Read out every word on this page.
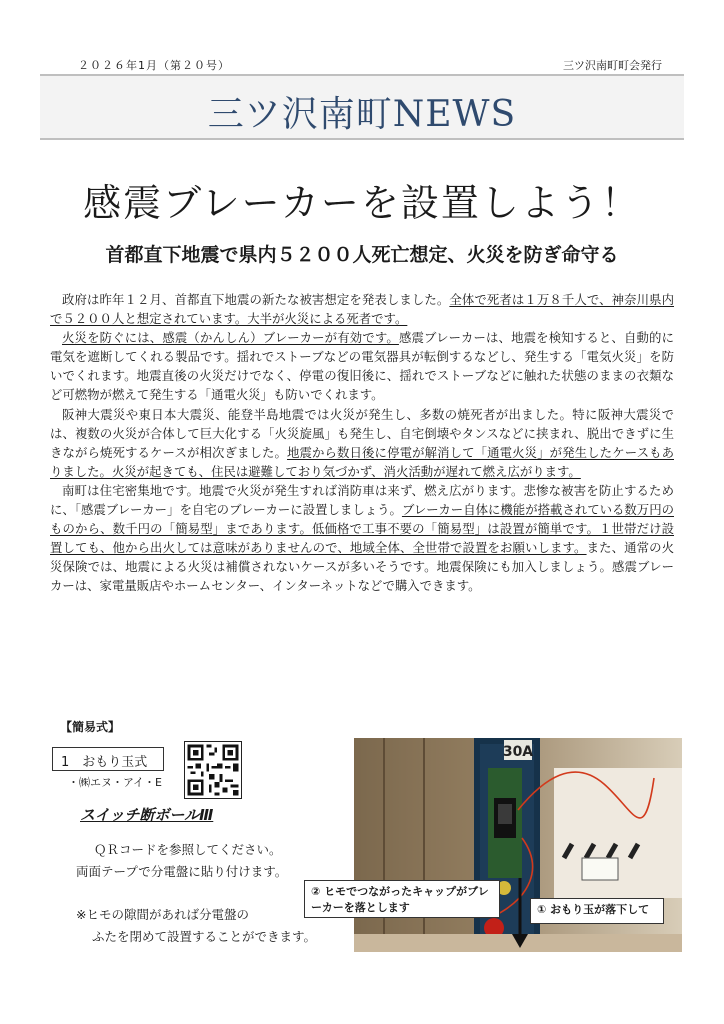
２０２６年1月（第２０号）	三ツ沢南町町会発行
三ツ沢南町NEWS
感震ブレーカーを設置しよう！
首都直下地震で県内５２００人死亡想定、火災を防ぎ命守る

政府は昨年１２月、首都直下地震の新たな被害想定を発表しました。全体で死者は１万８千人で、神奈川県内で５２００人と想定されています。大半が火災による死者です。

火災を防ぐには、感震（かんしん）ブレーカーが有効です。感震ブレーカーは、地震を検知すると、自動的に電気を遮断してくれる製品です。揺れでストーブなどの電気器具が転倒するなどし、発生する「電気火災」を防いでくれます。地震直後の火災だけでなく、停電の復旧後に、揺れでストーブなどに触れた状態のままの衣類など可燃物が燃えて発生する「通電火災」も防いでくれます。

阪神大震災や東日本大震災、能登半島地震では火災が発生し、多数の焼死者が出ました。特に阪神大震災では、複数の火災が合体して巨大化する「火災旋風」も発生し、自宅倒壊やタンスなどに挟まれ、脱出できずに生きながら焼死するケースが相次ぎました。地震から数日後に停電が解消して「通電火災」が発生したケースもありました。火災が起きても、住民は避難しており気づかず、消火活動が遅れて燃え広がります。

南町は住宅密集地です。地震で火災が発生すれば消防車は来ず、燃え広がります。悲惨な被害を防止するために、「感震ブレーカー」を自宅のブレーカーに設置しましょう。ブレーカー自体に機能が搭載されている数万円のものから、数千円の「簡易型」まであります。低価格で工事不要の「簡易型」は設置が簡単です。１世帯だけ設置しても、他から出火しては意味がありませんので、地域全体、全世帯で設置をお願いします。また、通常の火災保険では、地震による火災は補償されないケースが多いそうです。地震保険にも加入しましょう。感震ブレーカーは、家電量販店やホームセンター、インターネットなどで購入できます。

【簡易式】
1　おもり玉式
・㈱エヌ・アイ・E
スイッチ断ボールⅢ
ＱＲコードを参照してください。
両面テープで分電盤に貼り付けます。
※ヒモの隙間があれば分電盤の
ふたを閉めて設置することができます。
30A
② ヒモでつながったキャップがブレーカーを落とします	① おもり玉が落下して
